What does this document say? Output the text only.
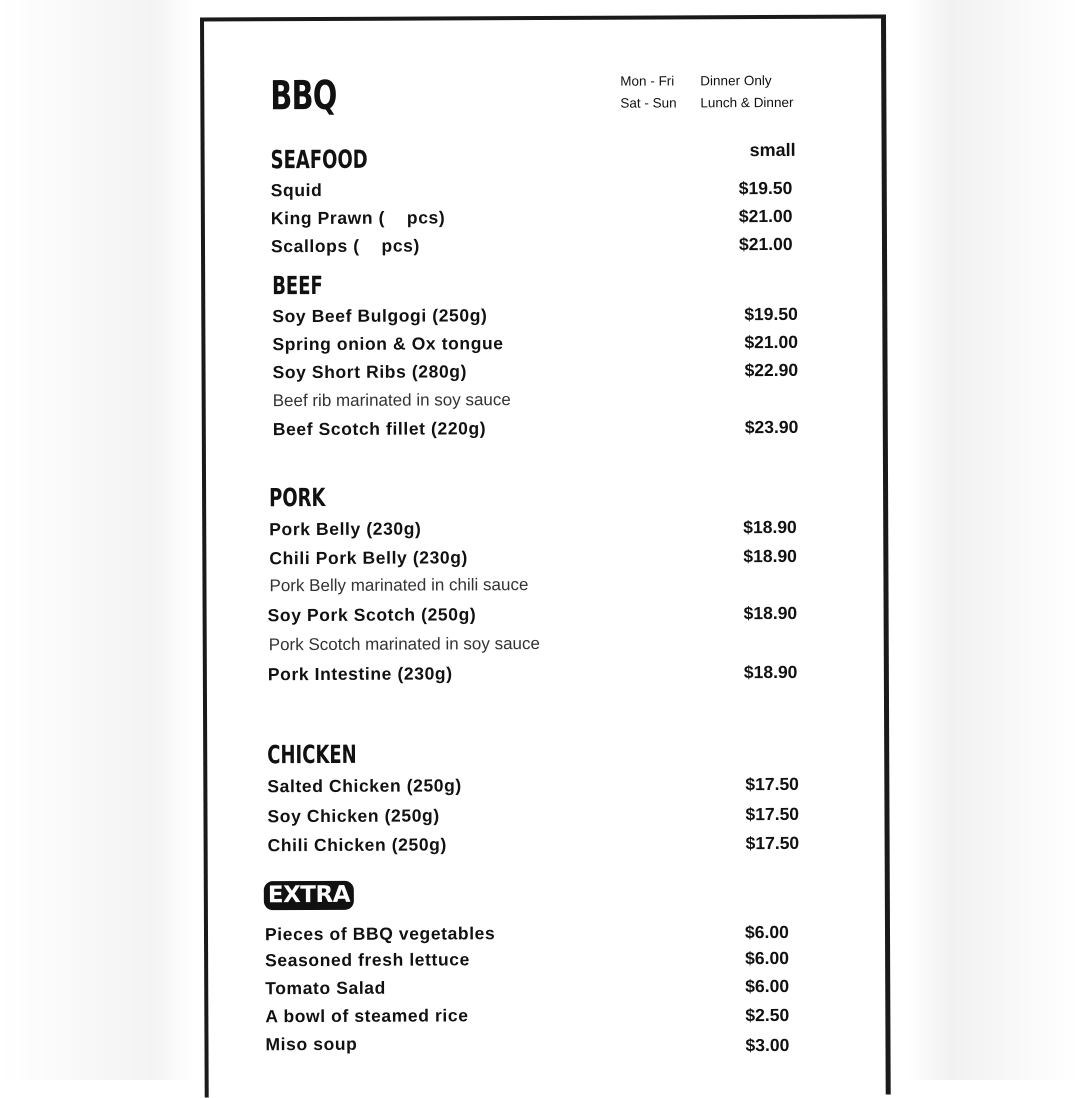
BBQ	Mon - Fri	Dinner Only
Sat - Sun	Lunch & Dinner
SEAFOOD	small
Squid	$19.50
King Prawn (    pcs)	$21.00
Scallops (    pcs)	$21.00
BEEF
Soy Beef Bulgogi (250g)	$19.50
Spring onion & Ox tongue	$21.00
Soy Short Ribs (280g)	$22.90
Beef rib marinated in soy sauce
Beef Scotch fillet (220g)	$23.90
PORK
Pork Belly (230g)	$18.90
Chili Pork Belly (230g)	$18.90
Pork Belly marinated in chili sauce
Soy Pork Scotch (250g)	$18.90
Pork Scotch marinated in soy sauce
Pork Intestine (230g)	$18.90
CHICKEN
Salted Chicken (250g)	$17.50
Soy Chicken (250g)	$17.50
Chili Chicken (250g)	$17.50
EXTRA
Pieces of BBQ vegetables	$6.00
Seasoned fresh lettuce	$6.00
Tomato Salad	$6.00
A bowl of steamed rice	$2.50
Miso soup	$3.00
